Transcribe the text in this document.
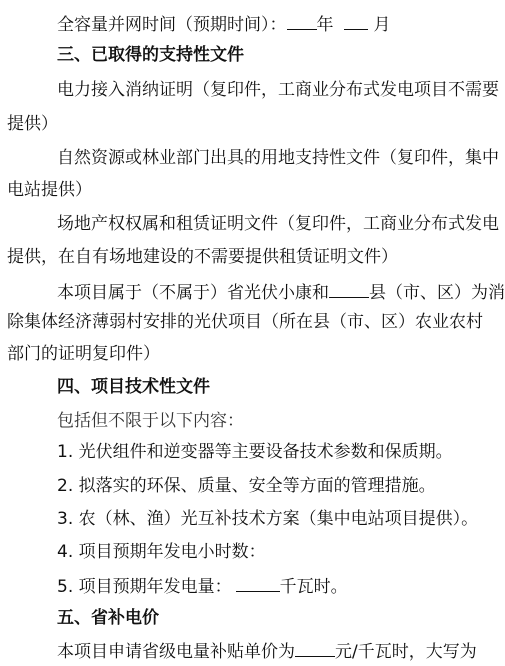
全容量并网时间（预期时间）： 年 月
三、已取得的支持性文件
电力接入消纳证明（复印件，工商业分布式发电项目不需要
提供）
自然资源或林业部门出具的用地支持性文件（复印件，集中
电站提供）
场地产权权属和租赁证明文件（复印件，工商业分布式发电
提供，在自有场地建设的不需要提供租赁证明文件）
本项目属于（不属于）省光伏小康和 县（市、区）为消
除集体经济薄弱村安排的光伏项目（所在县（市、区）农业农村
部门的证明复印件）
四、项目技术性文件
包括但不限于以下内容：
1. 光伏组件和逆变器等主要设备技术参数和保质期。
2. 拟落实的环保、质量、安全等方面的管理措施。
3. 农（林、渔）光互补技术方案（集中电站项目提供）。
4. 项目预期年发电小时数：
5. 项目预期年发电量：	千瓦时。
五、省补电价
本项目申请省级电量补贴单价为 元/千瓦时，大写为
